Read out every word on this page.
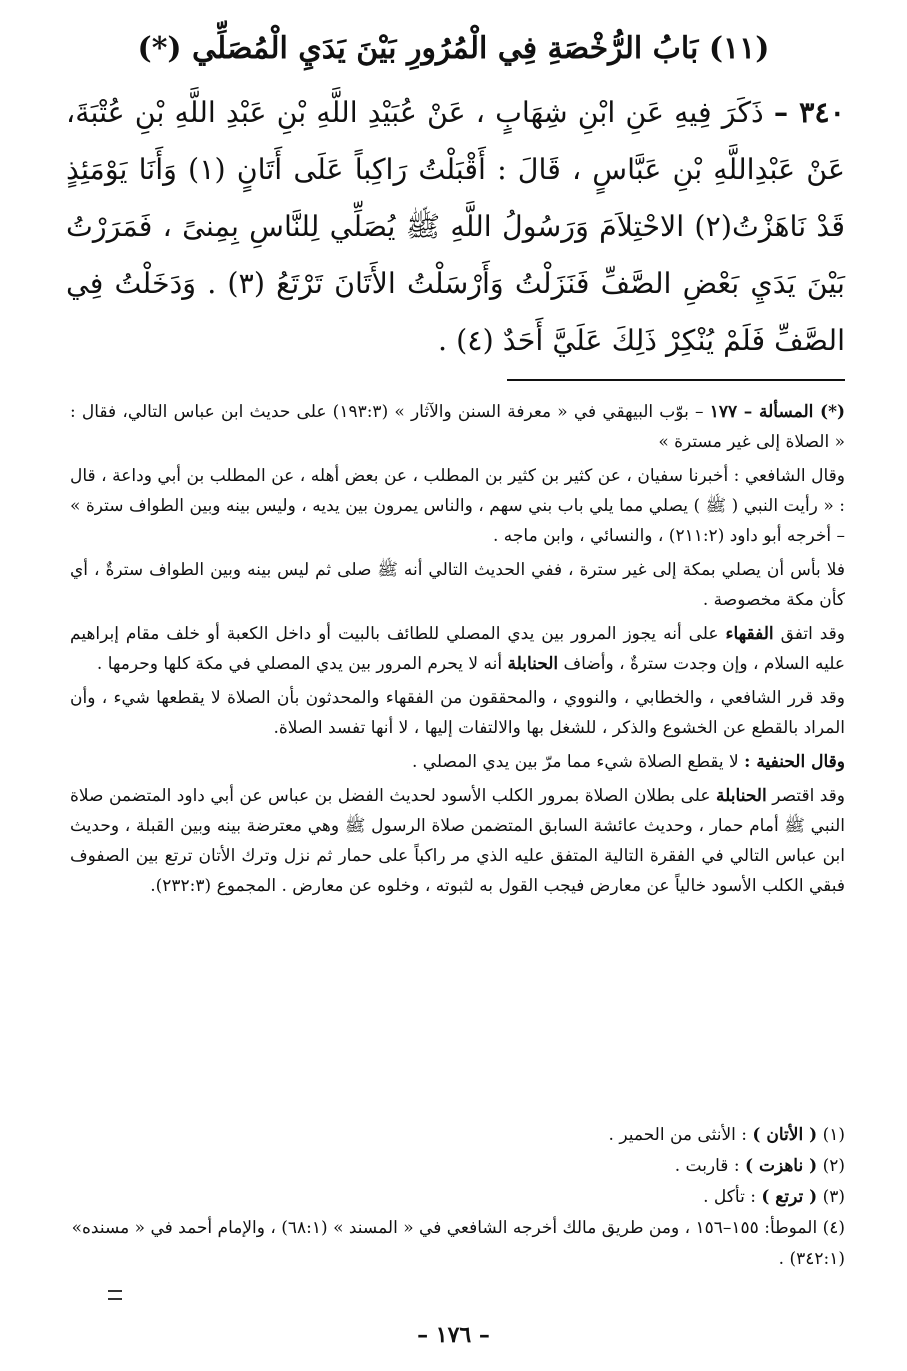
(١١) بَابُ الرُّخْصَةِ فِي الْمُرُورِ بَيْنَ يَدَيِ الْمُصَلِّي (*)

٣٤٠ – ذَكَرَ فِيهِ عَنِ ابْنِ شِهَابٍ ، عَنْ عُبَيْدِ اللَّهِ بْنِ عَبْدِ اللَّهِ بْنِ عُتْبَةَ، عَنْ عَبْدِاللَّهِ بْنِ عَبَّاسٍ ، قَالَ : أَقْبَلْتُ رَاكِباً عَلَى أَتَانٍ (١) وَأَنَا يَوْمَئِذٍ قَدْ نَاهَزْتُ(٢) الاحْتِلاَمَ وَرَسُولُ اللَّهِ ﷺ يُصَلِّي لِلنَّاسِ بِمِنىً ، فَمَرَرْتُ بَيْنَ يَدَيِ بَعْضِ الصَّفِّ فَنَزَلْتُ وَأَرْسَلْتُ الأَتَانَ تَرْتَعُ (٣) . وَدَخَلْتُ فِي الصَّفِّ فَلَمْ يُنْكِرْ ذَلِكَ عَلَيَّ أَحَدٌ (٤) .

(*) المسألة – ١٧٧ – بوّب البيهقي في « معرفة السنن والآثار » (١٩٣:٣) على حديث ابن عباس التالي، فقال : « الصلاة إلى غير مسترة »

وقال الشافعي : أخبرنا سفيان ، عن كثير بن كثير بن المطلب ، عن بعض أهله ، عن المطلب بن أبي وداعة ، قال : « رأيت النبي ( ﷺ ) يصلي مما يلي باب بني سهم ، والناس يمرون بين يديه ، وليس بينه وبين الطواف سترة » – أخرجه أبو داود (٢١١:٢) ، والنسائي ، وابن ماجه .

فلا بأس أن يصلي بمكة إلى غير سترة ، ففي الحديث التالي أنه ﷺ صلى ثم ليس بينه وبين الطواف سترةٌ ، أي كأن مكة مخصوصة .

وقد اتفق الفقهاء على أنه يجوز المرور بين يدي المصلي للطائف بالبيت أو داخل الكعبة أو خلف مقام إبراهيم عليه السلام ، وإن وجدت سترةٌ ، وأضاف الحنابلة أنه لا يحرم المرور بين يدي المصلي في مكة كلها وحرمها .

وقد قرر الشافعي ، والخطابي ، والنووي ، والمحققون من الفقهاء والمحدثون بأن الصلاة لا يقطعها شيء ، وأن المراد بالقطع عن الخشوع والذكر ، للشغل بها والالتفات إليها ، لا أنها تفسد الصلاة.

وقال الحنفية : لا يقطع الصلاة شيء مما مرّ بين يدي المصلي .

وقد اقتصر الحنابلة على بطلان الصلاة بمرور الكلب الأسود لحديث الفضل بن عباس عن أبي داود المتضمن صلاة النبي ﷺ أمام حمار ، وحديث عائشة السابق المتضمن صلاة الرسول ﷺ وهي معترضة بينه وبين القبلة ، وحديث ابن عباس التالي في الفقرة التالية المتفق عليه الذي مر راكباً على حمار ثم نزل وترك الأتان ترتع بين الصفوف فبقي الكلب الأسود خالياً عن معارض فيجب القول به لثبوته ، وخلوه عن معارض . المجموع (٢٣٢:٣).

(١) ( الأتان ) : الأنثى من الحمير .

(٢) ( ناهزت ) : قاربت .

(٣) ( ترتع ) : تأكل .

(٤) الموطأ: ١٥٥–١٥٦ ، ومن طريق مالك أخرجه الشافعي في « المسند » (٦٨:١) ، والإمام أحمد في « مسنده» (٣٤٢:١) .

– ١٧٦ –
